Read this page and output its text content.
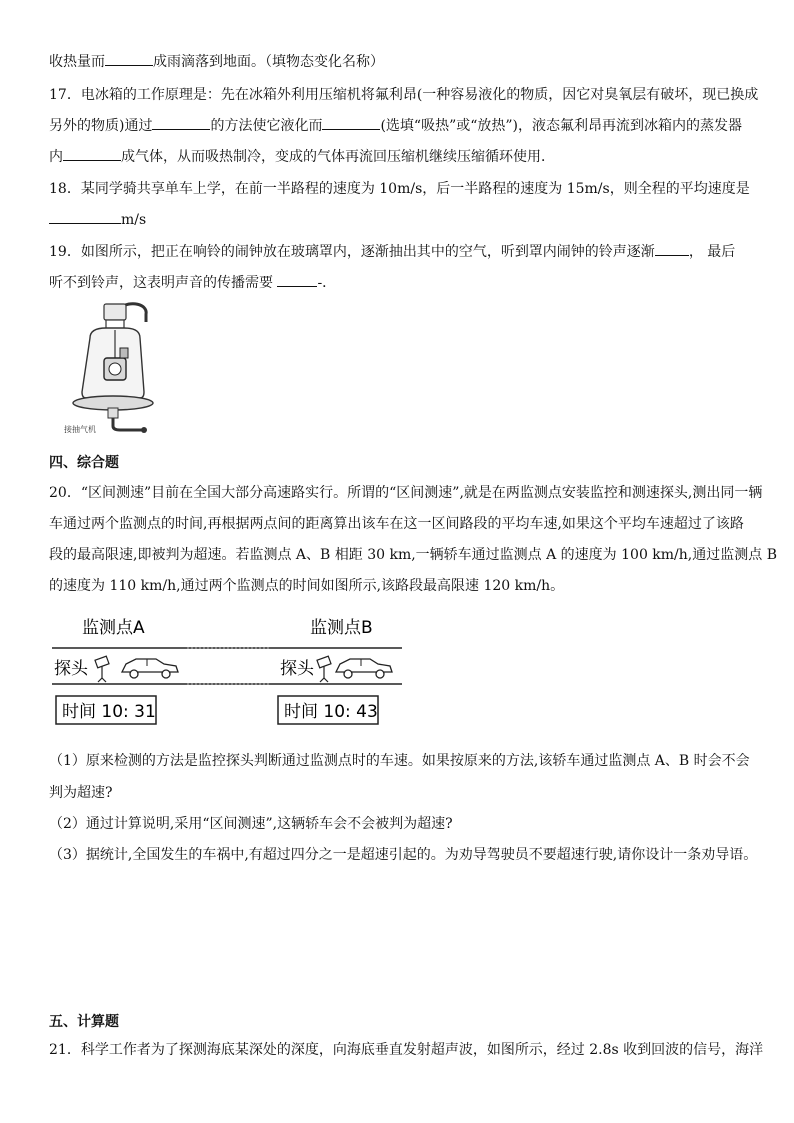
收热量而	成雨滴落到地面。（填物态变化名称）
17．电冰箱的工作原理是：先在冰箱外利用压缩机将氟利昂(一种容易液化的物质，因它对臭氧层有破坏，现已换成
另外的物质)通过	的方法使它液化而	(选填“吸热”或“放热”)，液态氟利昂再流到冰箱内的蒸发器
内	成气体，从而吸热制冷，变成的气体再流回压缩机继续压缩循环使用．
18．某同学骑共享单车上学，在前一半路程的速度为 10m/s，后一半路程的速度为 15m/s，则全程的平均速度是
m/s
19．如图所示，把正在响铃的闹钟放在玻璃罩内，逐渐抽出其中的空气，听到罩内闹钟的铃声逐渐 ， 最后
听不到铃声，这表明声音的传播需要	-．
接抽气机
四、综合题
20．“区间测速”目前在全国大部分高速路实行。所谓的“区间测速”,就是在两监测点安装监控和测速探头,测出同一辆
车通过两个监测点的时间,再根据两点间的距离算出该车在这一区间路段的平均车速,如果这个平均车速超过了该路
段的最高限速,即被判为超速。若监测点 A、B 相距 30 km,一辆轿车通过监测点 A 的速度为 100 km/h,通过监测点 B
的速度为 110 km/h,通过两个监测点的时间如图所示,该路段最高限速 120 km/h。
监测点A	监测点B
探头	探头
时间 10: 31	时间 10: 43
（1）原来检测的方法是监控探头判断通过监测点时的车速。如果按原来的方法,该轿车通过监测点 A、B 时会不会
判为超速?
（2）通过计算说明,采用“区间测速”,这辆轿车会不会被判为超速?
（3）据统计,全国发生的车祸中,有超过四分之一是超速引起的。为劝导驾驶员不要超速行驶,请你设计一条劝导语。
五、计算题
21．科学工作者为了探测海底某深处的深度，向海底垂直发射超声波，如图所示，经过 2.8s 收到回波的信号，海洋
